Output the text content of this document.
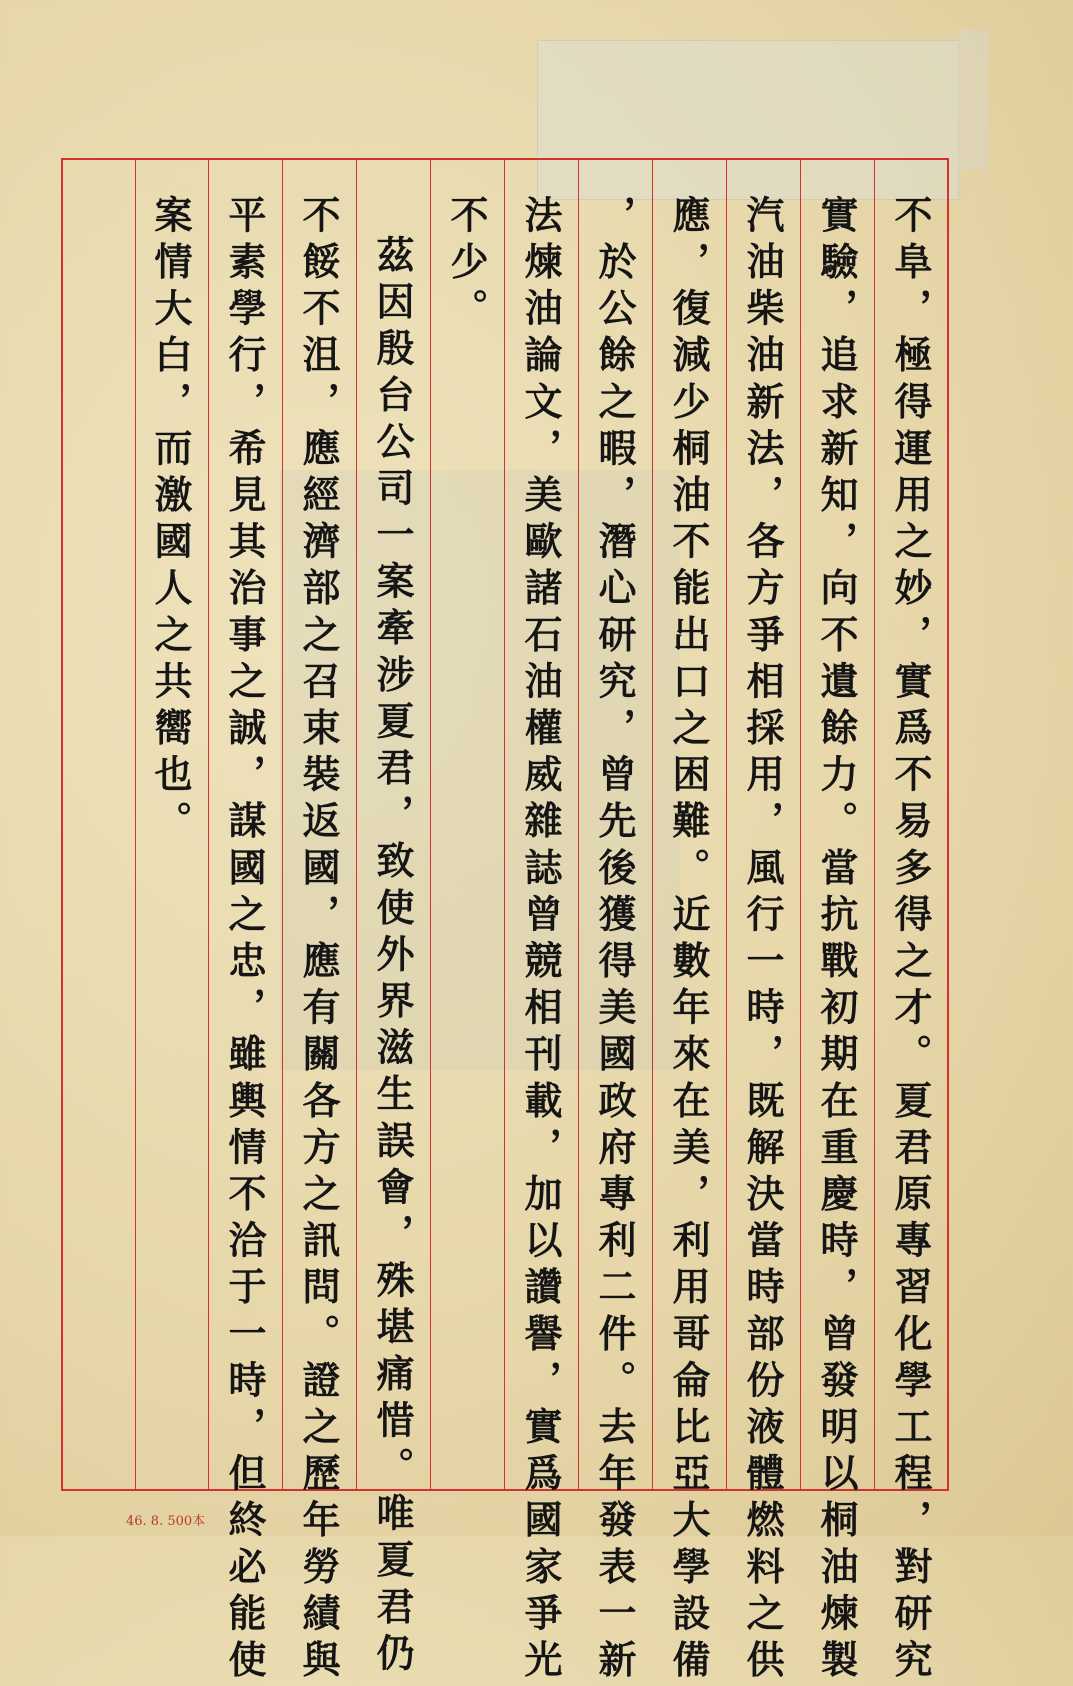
不阜，極得運用之妙，實爲不易多得之才。夏君原專習化學工程，對研究
實驗，追求新知，向不遺餘力。當抗戰初期在重慶時，曾發明以桐油煉製
汽油柴油新法，各方爭相採用，風行一時，既解決當時部份液體燃料之供
應，復減少桐油不能出口之困難。近數年來在美，利用哥侖比亞大學設備
，於公餘之暇，潛心研究，曾先後獲得美國政府專利二件。去年發表一新
法煉油論文，美歐諸石油權威雜誌曾競相刊載，加以讚譽，實爲國家爭光
不少。
茲因殷台公司一案牽涉夏君，致使外界滋生誤會，殊堪痛惜。唯夏君仍
不餒不沮，應經濟部之召束裝返國，應有關各方之訊問。證之歷年勞績與
平素學行，希見其治事之誠，謀國之忠，雖輿情不洽于一時，但終必能使
案情大白，而激國人之共嚮也。
46. 8. 500本
